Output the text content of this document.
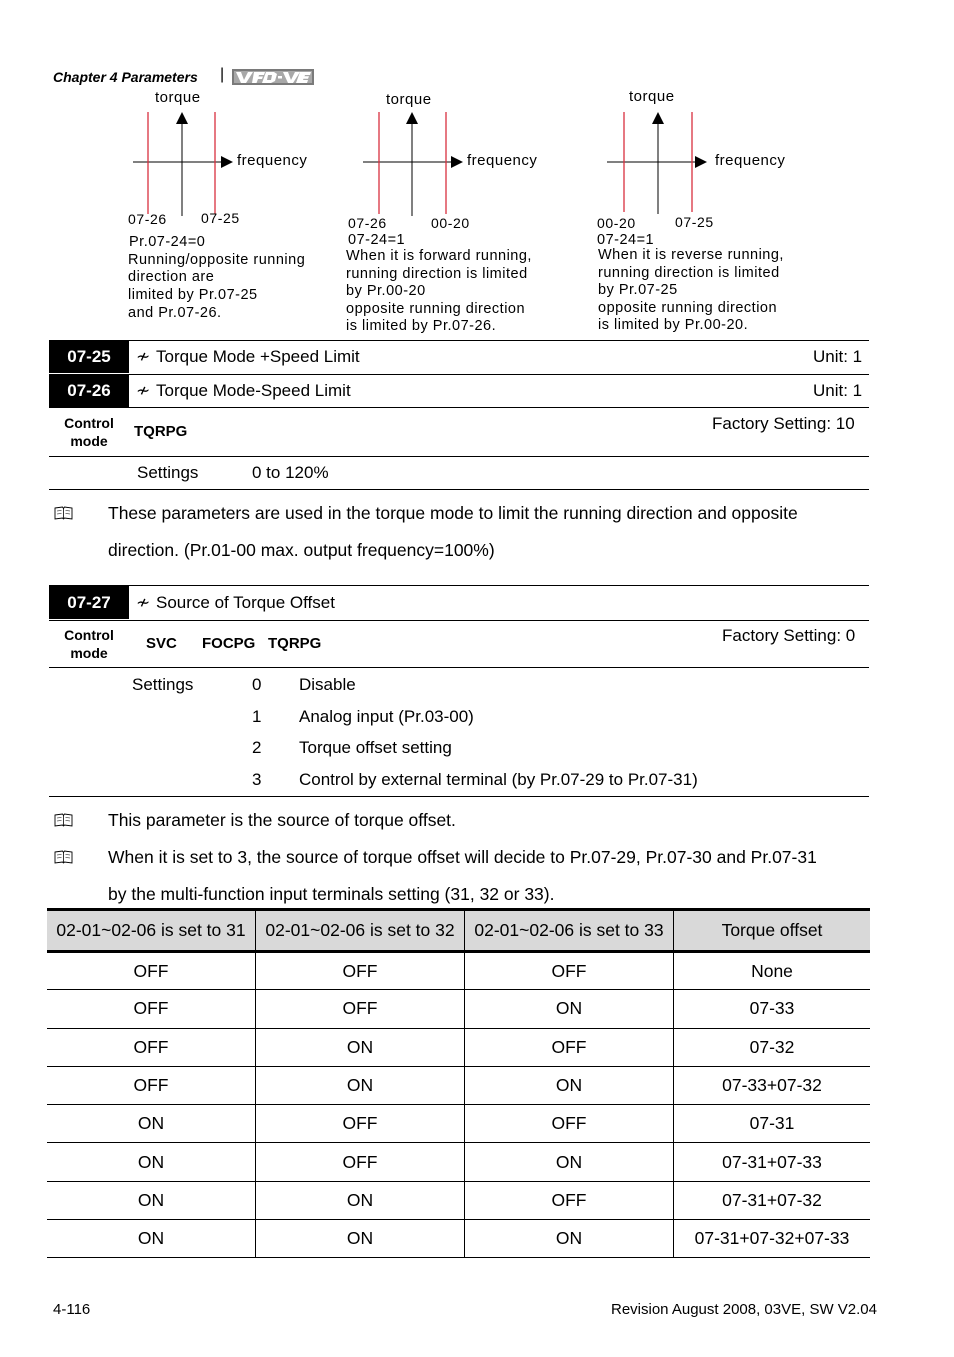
Chapter 4 Parameters |
torque
frequency
07-26 07-25
Pr.07-24=0
Running/opposite running
direction are
limited by Pr.07-25
and Pr.07-26.
torque
frequency
07-26	00-20
07-24=1
When it is forward running,
running direction is limited
by Pr.00-20
opposite running direction
is limited by Pr.07-26.
torque
frequency
00-20	07-25
07-24=1
When it is reverse running,
running direction is limited
by Pr.07-25
opposite running direction
is limited by Pr.00-20.
07-25	≁ Torque Mode +Speed Limit	Unit: 1
07-26	≁ Torque Mode-Speed Limit	Unit: 1
Control
mode
TQRPG	Factory Setting: 10
Settings	0 to 120%
These parameters are used in the torque mode to limit the running direction and opposite
direction. (Pr.01-00 max. output frequency=100%)
07-27	≁ Source of Torque Offset
Control
mode
SVC FOCPG TQRPG	Factory Setting: 0
Settings	0 Disable
1 Analog input (Pr.03-00)
2 Torque offset setting
3 Control by external terminal (by Pr.07-29 to Pr.07-31)
This parameter is the source of torque offset.
When it is set to 3, the source of torque offset will decide to Pr.07-29, Pr.07-30 and Pr.07-31
by the multi-function input terminals setting (31, 32 or 33).
02-01~02-06 is set to 31	02-01~02-06 is set to 32	02-01~02-06 is set to 33	Torque offset
OFF	OFF	OFF	None
OFF	OFF	ON	07-33
OFF	ON	OFF	07-32
OFF	ON	ON	07-33+07-32
ON	OFF	OFF	07-31
ON	OFF	ON	07-31+07-33
ON	ON	OFF	07-31+07-32
ON	ON	ON	07-31+07-32+07-33
4-116	Revision August 2008, 03VE, SW V2.04
